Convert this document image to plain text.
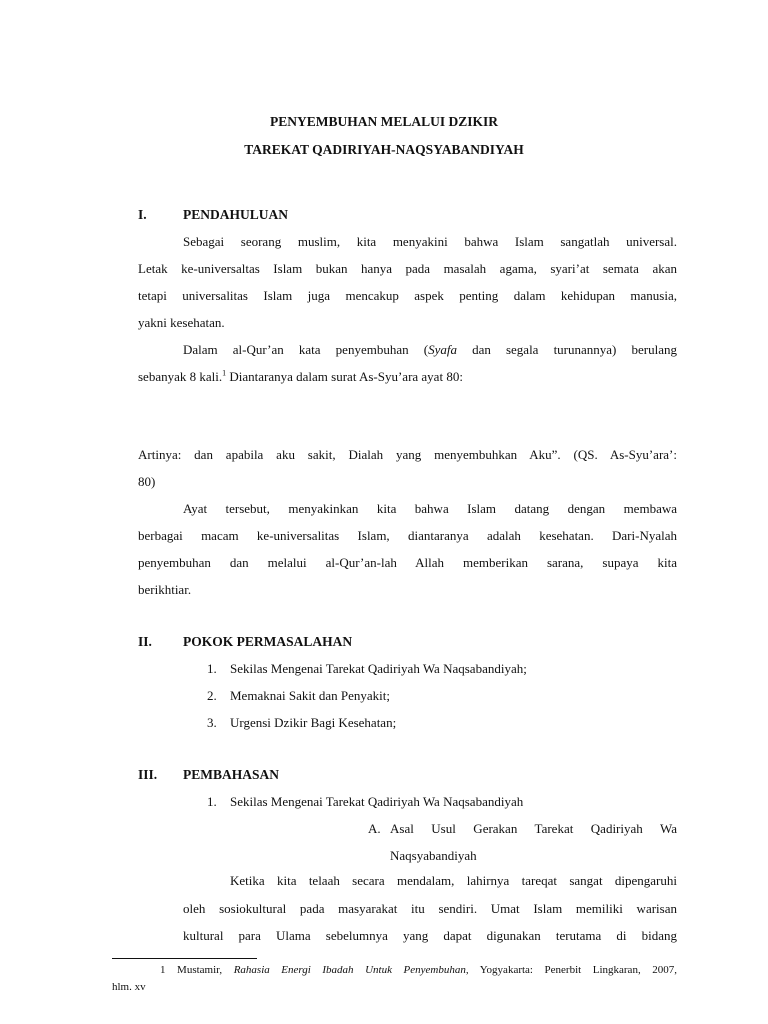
PENYEMBUHAN MELALUI DZIKIR
TAREKAT QADIRIYAH-NAQSYABANDIYAH
I.	PENDAHULUAN
Sebagai seorang muslim, kita menyakini bahwa Islam sangatlah universal.
Letak ke-universaltas Islam bukan hanya pada masalah agama, syari’at semata akan
tetapi universalitas Islam juga mencakup aspek penting dalam kehidupan manusia,
yakni kesehatan.
Dalam al-Qur’an kata penyembuhan (Syafa dan segala turunannya) berulang
sebanyak 8 kali.$^1$ Diantaranya dalam surat As-Syu’ara ayat 80:
Artinya: dan apabila aku sakit, Dialah yang menyembuhkan Aku”. (QS. As-Syu’ara’:
80)
Ayat tersebut, menyakinkan kita bahwa Islam datang dengan membawa
berbagai macam ke-universalitas Islam, diantaranya adalah kesehatan. Dari-Nyalah
penyembuhan dan melalui al-Qur’an-lah Allah memberikan sarana, supaya kita
berikhtiar.
II. POKOK PERMASALAHAN
1. Sekilas Mengenai Tarekat Qadiriyah Wa Naqsabandiyah;
2. Memaknai Sakit dan Penyakit;
3. Urgensi Dzikir Bagi Kesehatan;
III. PEMBAHASAN
1. Sekilas Mengenai Tarekat Qadiriyah Wa Naqsabandiyah
A. Asal Usul Gerakan Tarekat Qadiriyah Wa
Naqsyabandiyah
Ketika kita telaah secara mendalam, lahirnya tareqat sangat dipengaruhi
oleh sosiokultural pada masyarakat itu sendiri. Umat Islam memiliki warisan
kultural para Ulama sebelumnya yang dapat digunakan terutama di bidang
1 Mustamir, Rahasia Energi Ibadah Untuk Penyembuhan, Yogyakarta: Penerbit Lingkaran, 2007,
hlm. xv
